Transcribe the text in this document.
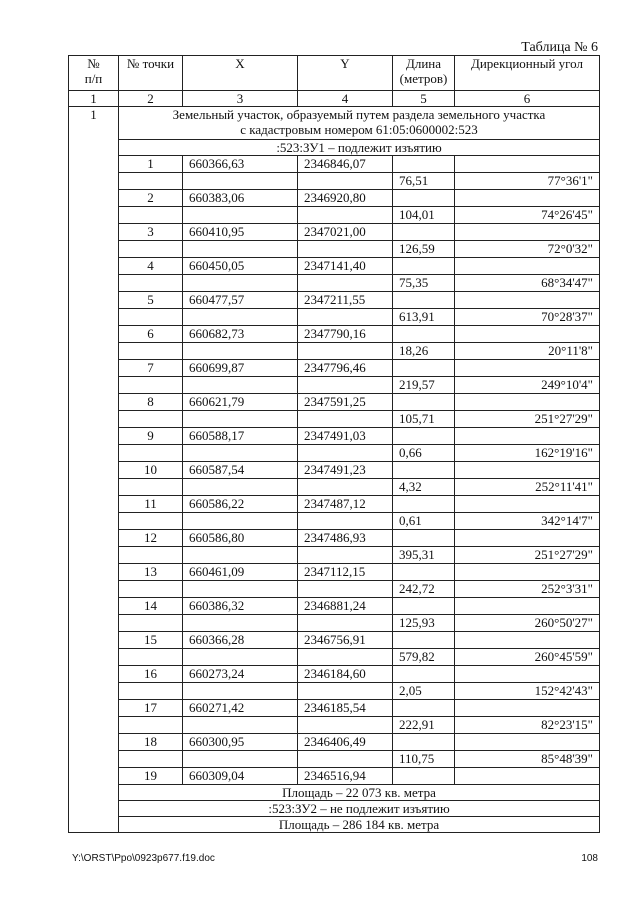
Таблица № 6
№
п/п	№ точки	X	Y	Длина
(метров)	Дирекционный угол
1	2	3	4	5	6
1	Земельный участок, образуемый путем раздела земельного участка
с кадастровым номером 61:05:0600002:523				
	:523:ЗУ1 – подлежит изъятию				
	1	660366,63	2346846,07		
				76,51	77°36'1"
	2	660383,06	2346920,80		
				104,01	74°26'45"
	3	660410,95	2347021,00		
				126,59	72°0'32"
	4	660450,05	2347141,40		
				75,35	68°34'47"
	5	660477,57	2347211,55		
				613,91	70°28'37"
	6	660682,73	2347790,16		
				18,26	20°11'8"
	7	660699,87	2347796,46		
				219,57	249°10'4"
	8	660621,79	2347591,25		
				105,71	251°27'29"
	9	660588,17	2347491,03		
				0,66	162°19'16"
	10	660587,54	2347491,23		
				4,32	252°11'41"
	11	660586,22	2347487,12		
				0,61	342°14'7"
	12	660586,80	2347486,93		
				395,31	251°27'29"
	13	660461,09	2347112,15		
				242,72	252°3'31"
	14	660386,32	2346881,24		
				125,93	260°50'27"
	15	660366,28	2346756,91		
				579,82	260°45'59"
	16	660273,24	2346184,60		
				2,05	152°42'43"
	17	660271,42	2346185,54		
				222,91	82°23'15"
	18	660300,95	2346406,49		
				110,75	85°48'39"
	19	660309,04	2346516,94		
	Площадь – 22 073 кв. метра				
	:523:ЗУ2 – не подлежит изъятию				
	Площадь – 286 184 кв. метра				
Y:\ORST\Ppo\0923p677.f19.doc	108
